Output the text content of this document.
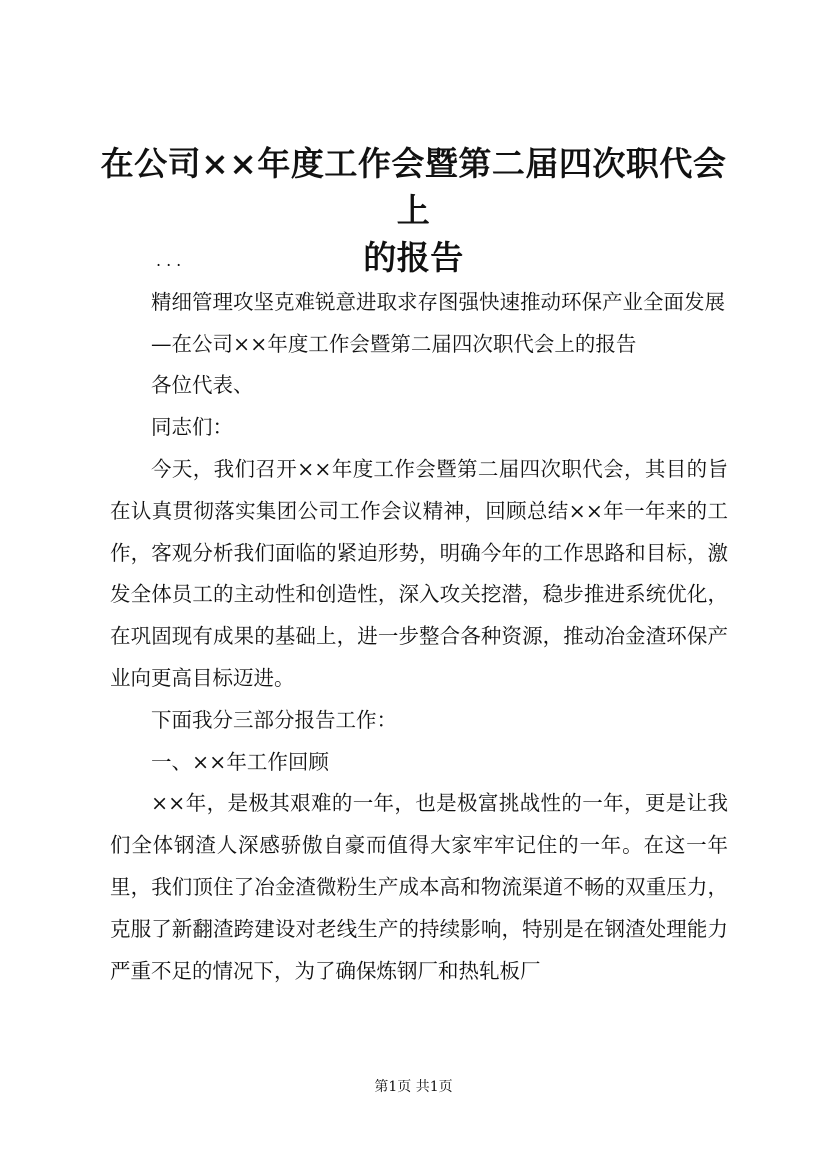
在公司××年度工作会暨第二届四次职代会上
的报告

...

精细管理攻坚克难锐意进取求存图强快速推动环保产业全面发展

—在公司××年度工作会暨第二届四次职代会上的报告

各位代表、

同志们：

今天，我们召开××年度工作会暨第二届四次职代会，其目的旨在认真贯彻落实集团公司工作会议精神，回顾总结××年一年来的工作，客观分析我们面临的紧迫形势，明确今年的工作思路和目标，激发全体员工的主动性和创造性，深入攻关挖潜，稳步推进系统优化，在巩固现有成果的基础上，进一步整合各种资源，推动冶金渣环保产业向更高目标迈进。

下面我分三部分报告工作：

一、××年工作回顾

××年，是极其艰难的一年，也是极富挑战性的一年，更是让我们全体钢渣人深感骄傲自豪而值得大家牢牢记住的一年。在这一年里，我们顶住了冶金渣微粉生产成本高和物流渠道不畅的双重压力，克服了新翻渣跨建设对老线生产的持续影响，特别是在钢渣处理能力严重不足的情况下，为了确保炼钢厂和热轧板厂

第1页 共1页
